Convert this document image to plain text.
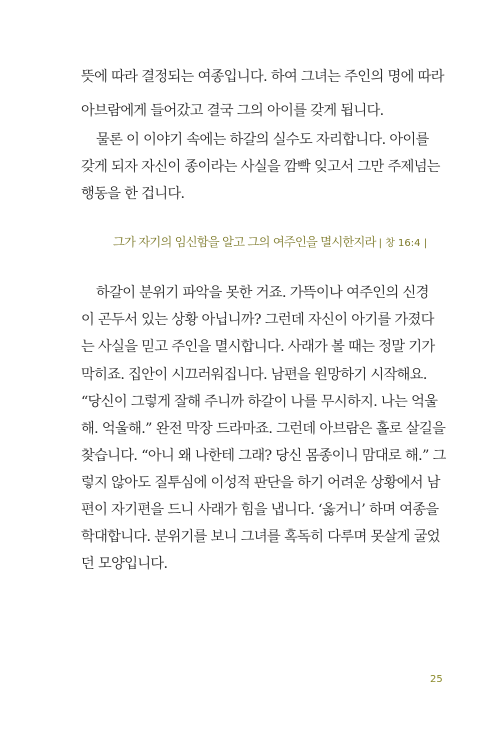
뜻에 따라 결정되는 여종입니다. 하여 그녀는 주인의 명에 따라
아브람에게 들어갔고 결국 그의 아이를 갖게 됩니다.
물론 이 이야기 속에는 하갈의 실수도 자리합니다. 아이를
갖게 되자 자신이 종이라는 사실을 깜빡 잊고서 그만 주제넘는
행동을 한 겁니다.
그가 자기의 임신함을 알고 그의 여주인을 멸시한지라 | 창 16:4 |
하갈이 분위기 파악을 못한 거죠. 가뜩이나 여주인의 신경
이 곤두서 있는 상황 아닙니까? 그런데 자신이 아기를 가졌다
는 사실을 믿고 주인을 멸시합니다. 사래가 볼 때는 정말 기가
막히죠. 집안이 시끄러워집니다. 남편을 원망하기 시작해요.
“당신이 그렇게 잘해 주니까 하갈이 나를 무시하지. 나는 억울
해. 억울해.” 완전 막장 드라마죠. 그런데 아브람은 홀로 살길을
찾습니다. “아니 왜 나한테 그래? 당신 몸종이니 맘대로 해.” 그
렇지 않아도 질투심에 이성적 판단을 하기 어려운 상황에서 남
편이 자기편을 드니 사래가 힘을 냅니다. ‘옳거니’ 하며 여종을
학대합니다. 분위기를 보니 그녀를 혹독히 다루며 못살게 굴었
던 모양입니다.
25
